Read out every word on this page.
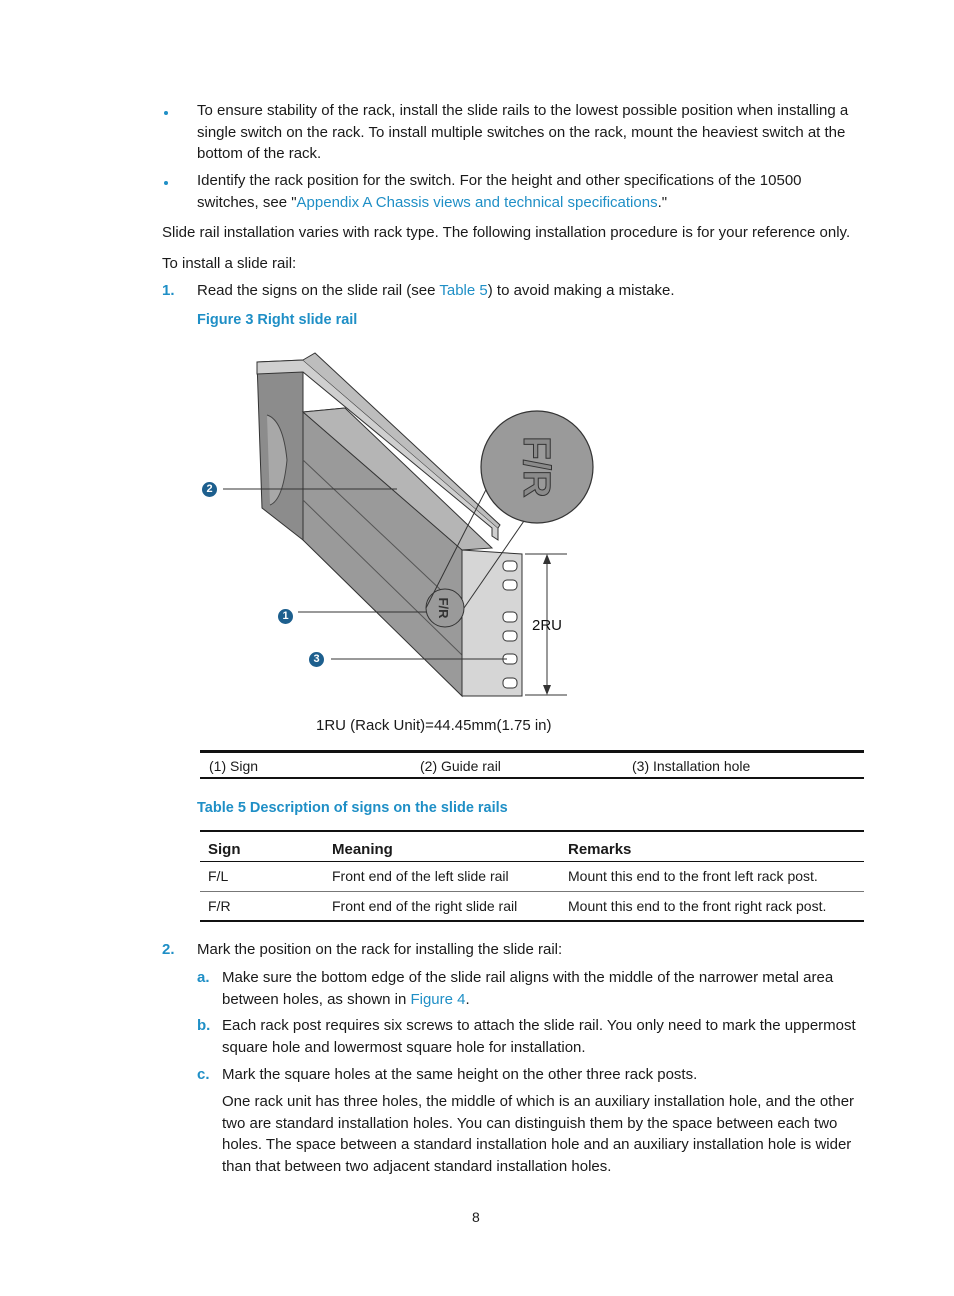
To ensure stability of the rack, install the slide rails to the lowest possible position when installing a single switch on the rack. To install multiple switches on the rack, mount the heaviest switch at the bottom of the rack.
Identify the rack position for the switch. For the height and other specifications of the 10500 switches, see "Appendix A Chassis views and technical specifications."
Slide rail installation varies with rack type. The following installation procedure is for your reference only.
To install a slide rail:
1. Read the signs on the slide rail (see Table 5) to avoid making a mistake.
Figure 3 Right slide rail
F/R
F/R
2RU
2
1
3
1RU (Rack Unit)=44.45mm(1.75 in)
(1) Sign	(2) Guide rail	(3) Installation hole
Table 5 Description of signs on the slide rails
Sign	Meaning	Remarks
F/L	Front end of the left slide rail	Mount this end to the front left rack post.
F/R	Front end of the right slide rail	Mount this end to the front right rack post.
2. Mark the position on the rack for installing the slide rail:
a. Make sure the bottom edge of the slide rail aligns with the middle of the narrower metal area between holes, as shown in Figure 4.
b. Each rack post requires six screws to attach the slide rail. You only need to mark the uppermost square hole and lowermost square hole for installation.
c. Mark the square holes at the same height on the other three rack posts.
One rack unit has three holes, the middle of which is an auxiliary installation hole, and the other two are standard installation holes. You can distinguish them by the space between each two holes. The space between a standard installation hole and an auxiliary installation hole is wider than that between two adjacent standard installation holes.
8
